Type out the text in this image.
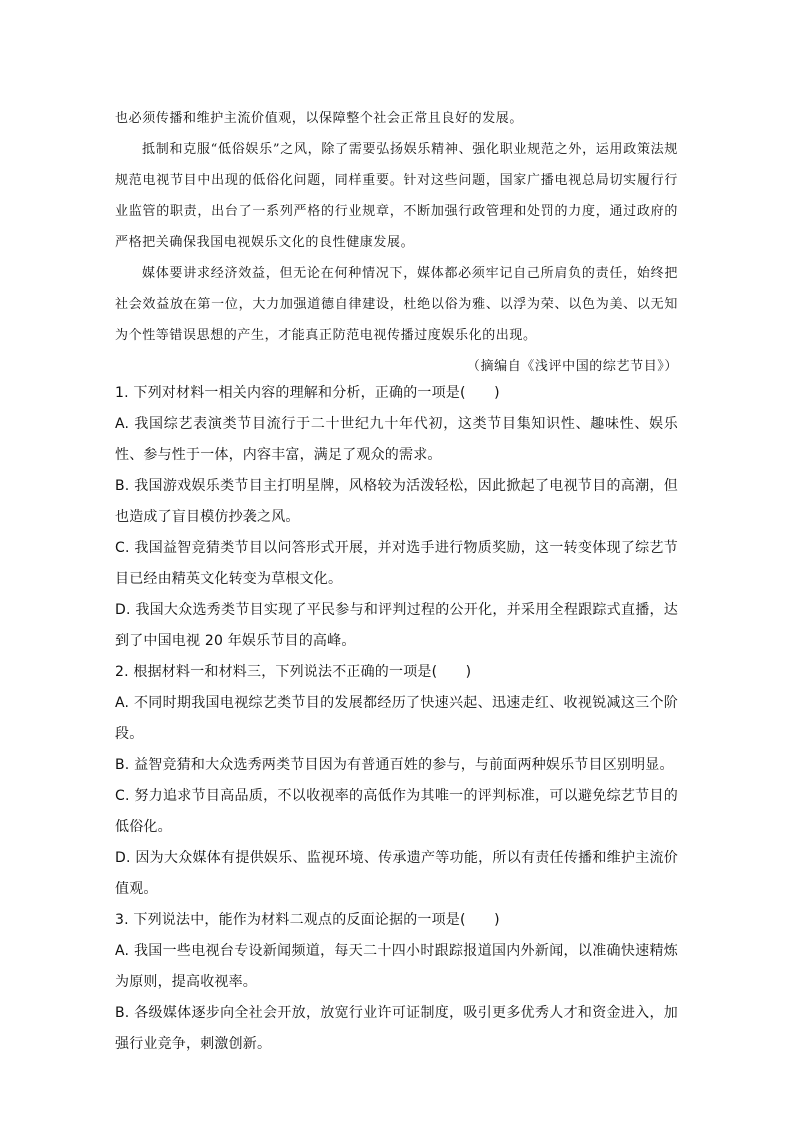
也必须传播和维护主流价值观，以保障整个社会正常且良好的发展。

抵制和克服“低俗娱乐”之风，除了需要弘扬娱乐精神、强化职业规范之外，运用政策法规规范电视节目中出现的低俗化问题，同样重要。针对这些问题，国家广播电视总局切实履行行业监管的职责，出台了一系列严格的行业规章，不断加强行政管理和处罚的力度，通过政府的严格把关确保我国电视娱乐文化的良性健康发展。

媒体要讲求经济效益，但无论在何种情况下，媒体都必须牢记自己所肩负的责任，始终把社会效益放在第一位，大力加强道德自律建设，杜绝以俗为雅、以浮为荣、以色为美、以无知为个性等错误思想的产生，才能真正防范电视传播过度娱乐化的出现。

（摘编自《浅评中国的综艺节目》）

1. 下列对材料一相关内容的理解和分析，正确的一项是(　　)

A. 我国综艺表演类节目流行于二十世纪九十年代初，这类节目集知识性、趣味性、娱乐性、参与性于一体，内容丰富，满足了观众的需求。

B. 我国游戏娱乐类节目主打明星牌，风格较为活泼轻松，因此掀起了电视节目的高潮，但也造成了盲目模仿抄袭之风。

C. 我国益智竞猜类节目以问答形式开展，并对选手进行物质奖励，这一转变体现了综艺节目已经由精英文化转变为草根文化。

D. 我国大众选秀类节目实现了平民参与和评判过程的公开化，并采用全程跟踪式直播，达到了中国电视 20 年娱乐节目的高峰。

2. 根据材料一和材料三，下列说法不正确的一项是(　　)

A. 不同时期我国电视综艺类节目的发展都经历了快速兴起、迅速走红、收视锐减这三个阶段。

B. 益智竞猜和大众选秀两类节目因为有普通百姓的参与，与前面两种娱乐节目区别明显。

C. 努力追求节目高品质，不以收视率的高低作为其唯一的评判标准，可以避免综艺节目的低俗化。

D. 因为大众媒体有提供娱乐、监视环境、传承遗产等功能，所以有责任传播和维护主流价值观。

3. 下列说法中，能作为材料二观点的反面论据的一项是(　　)

A. 我国一些电视台专设新闻频道，每天二十四小时跟踪报道国内外新闻，以准确快速精炼为原则，提高收视率。

B. 各级媒体逐步向全社会开放，放宽行业许可证制度，吸引更多优秀人才和资金进入，加强行业竞争，刺激创新。
